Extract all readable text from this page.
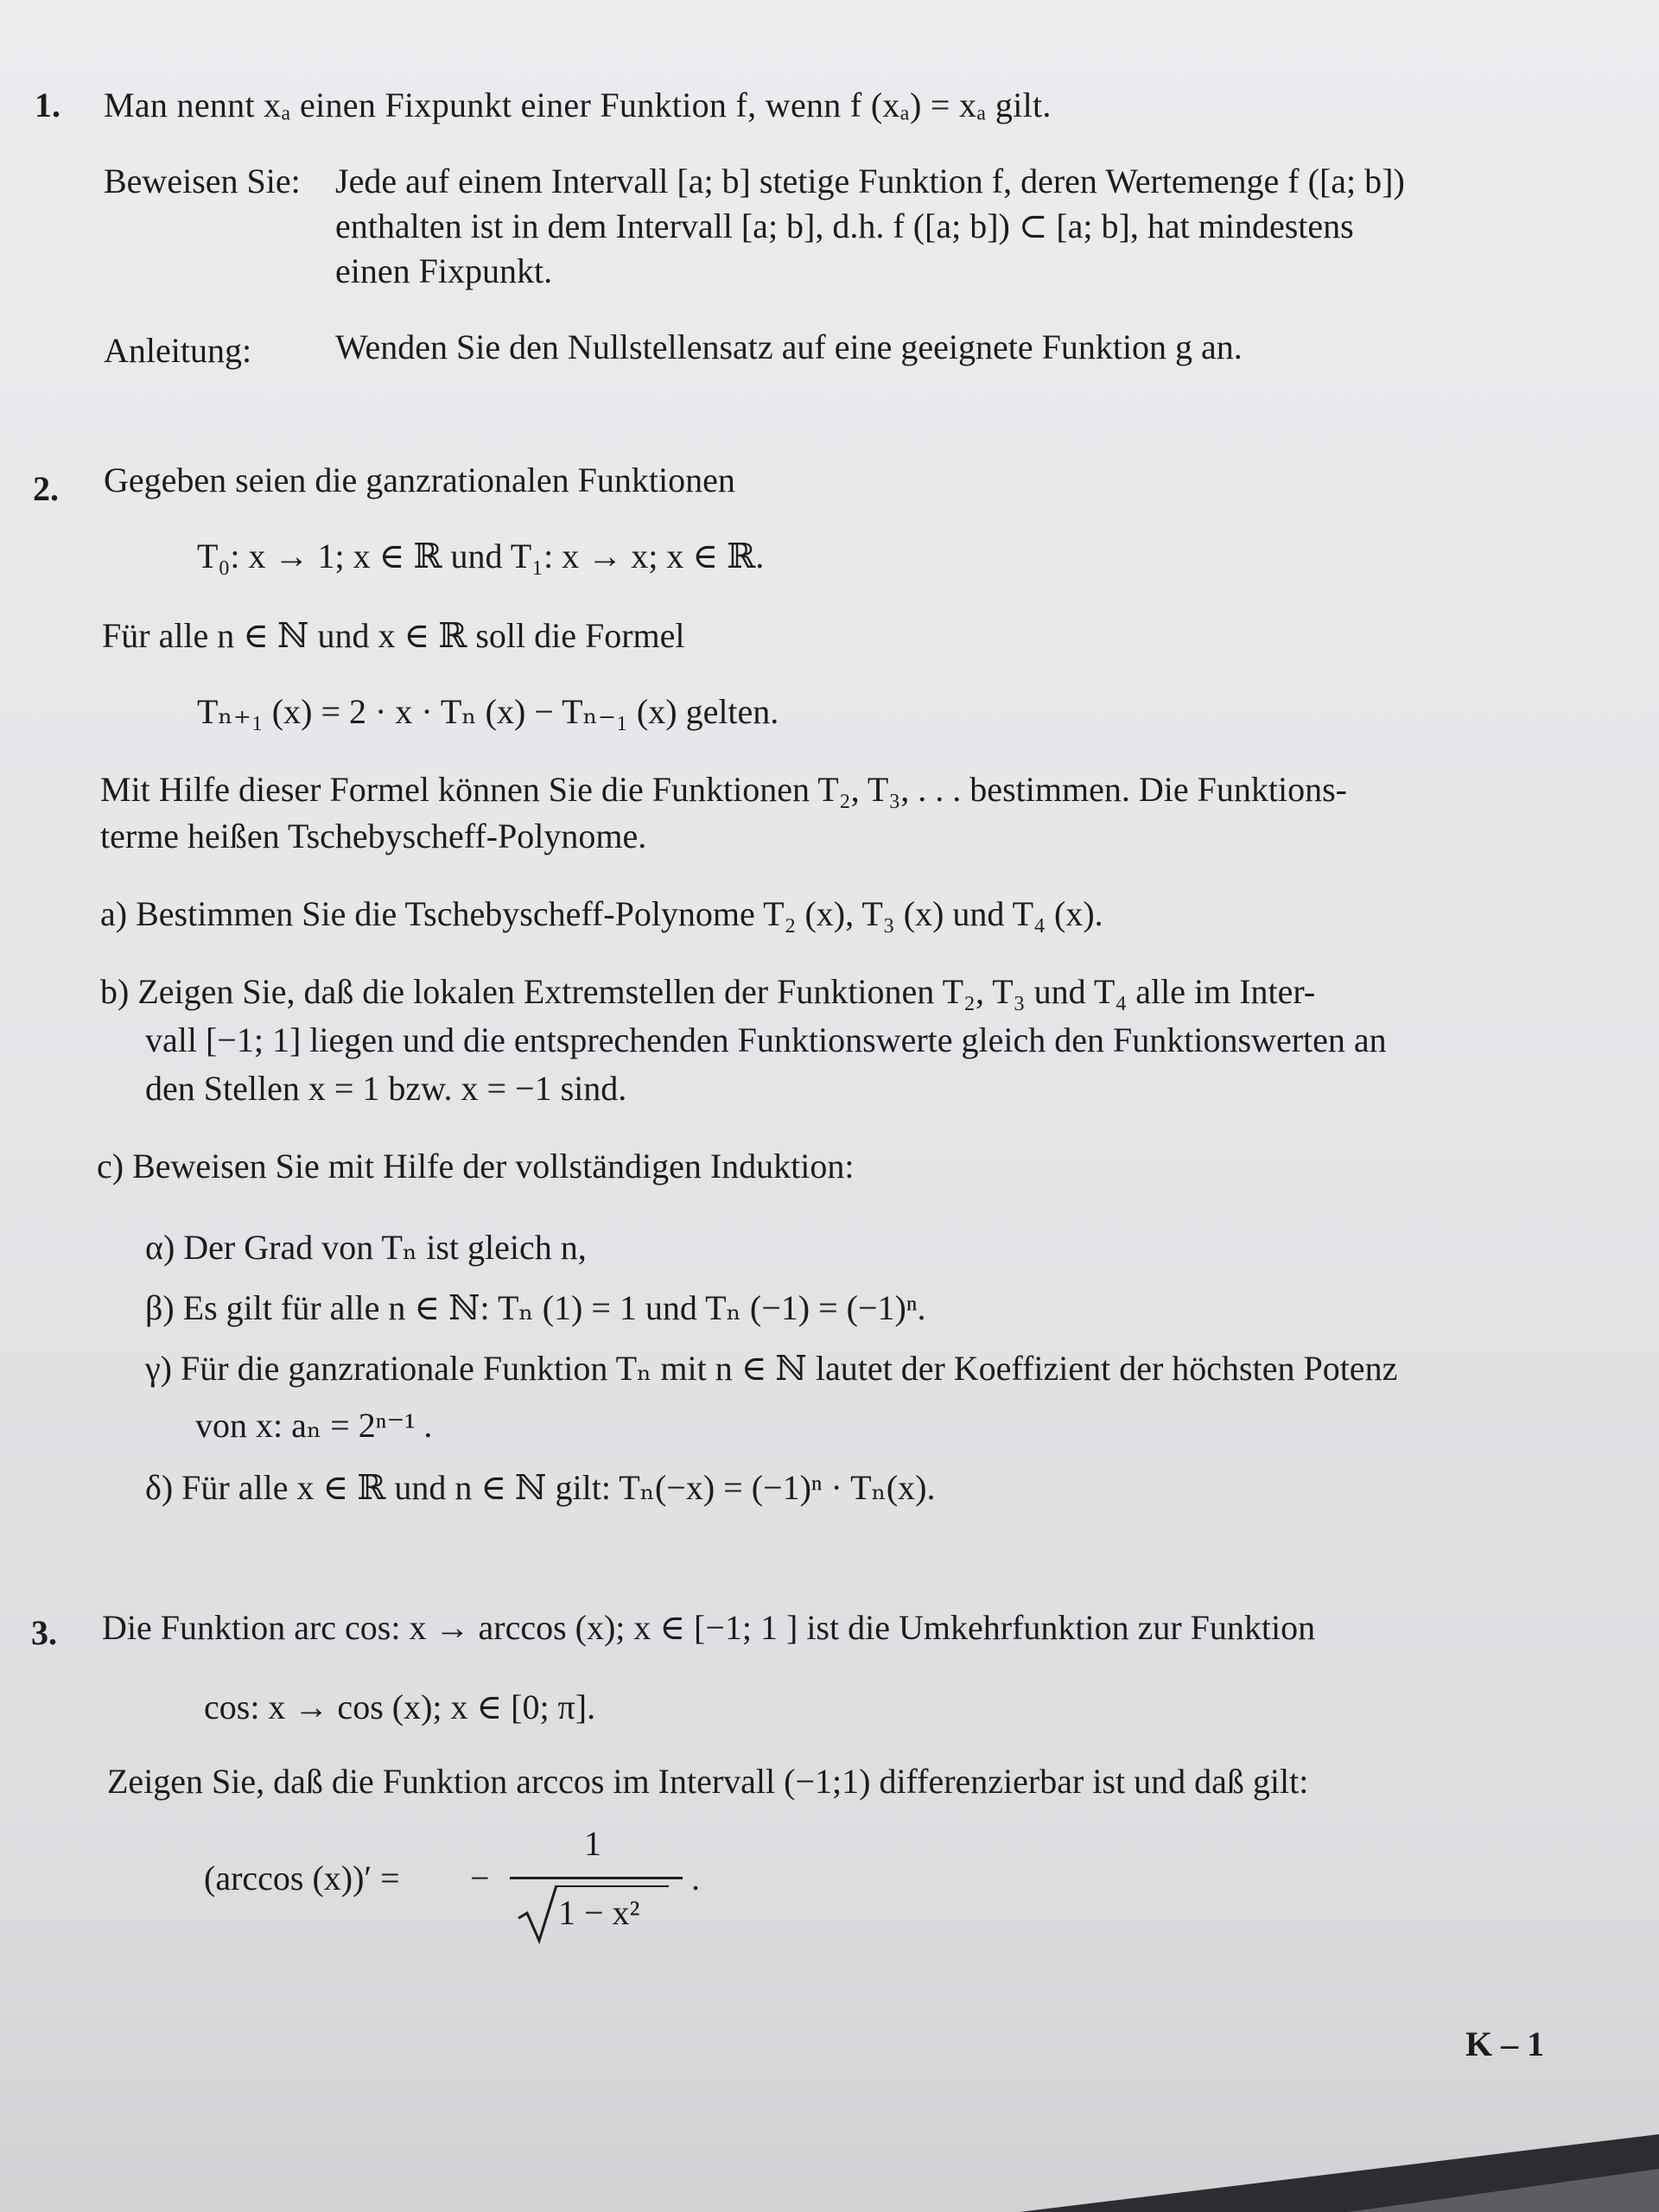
1. Man nennt xₐ einen Fixpunkt einer Funktion f, wenn f (xₐ) = xₐ gilt.
Beweisen Sie: Jede auf einem Intervall [a; b] stetige Funktion f, deren Wertemenge f ([a; b])
enthalten ist in dem Intervall [a; b], d.h. f ([a; b]) ⊂ [a; b], hat mindestens
einen Fixpunkt.
Anleitung: Wenden Sie den Nullstellensatz auf eine geeignete Funktion g an.
2. Gegeben seien die ganzrationalen Funktionen
T₀: x → 1; x ∈ ℝ und T₁: x → x; x ∈ ℝ.
Für alle n ∈ ℕ und x ∈ ℝ soll die Formel
Tₙ₊₁ (x) = 2 · x · Tₙ (x) − Tₙ₋₁ (x) gelten.
Mit Hilfe dieser Formel können Sie die Funktionen T₂, T₃, . . . bestimmen. Die Funktions-
terme heißen Tschebyscheff-Polynome.
a) Bestimmen Sie die Tschebyscheff-Polynome T₂ (x), T₃ (x) und T₄ (x).
b) Zeigen Sie, daß die lokalen Extremstellen der Funktionen T₂, T₃ und T₄ alle im Inter-
vall [−1; 1] liegen und die entsprechenden Funktionswerte gleich den Funktionswerten an
den Stellen x = 1 bzw. x = −1 sind.
c) Beweisen Sie mit Hilfe der vollständigen Induktion:
α) Der Grad von Tₙ ist gleich n,
β) Es gilt für alle n ∈ ℕ: Tₙ (1) = 1 und Tₙ (−1) = (−1)ⁿ.
γ) Für die ganzrationale Funktion Tₙ mit n ∈ ℕ lautet der Koeffizient der höchsten Potenz
von x: aₙ = 2ⁿ⁻¹ .
δ) Für alle x ∈ ℝ und n ∈ ℕ gilt: Tₙ(−x) = (−1)ⁿ · Tₙ(x).
3. Die Funktion arc cos: x → arccos (x); x ∈ [−1; 1 ] ist die Umkehrfunktion zur Funktion
cos: x → cos (x); x ∈ [0; π].
Zeigen Sie, daß die Funktion arccos im Intervall (−1;1) differenzierbar ist und daß gilt:
(arccos (x))′ = −
1
1 − x²
.
K – 1
